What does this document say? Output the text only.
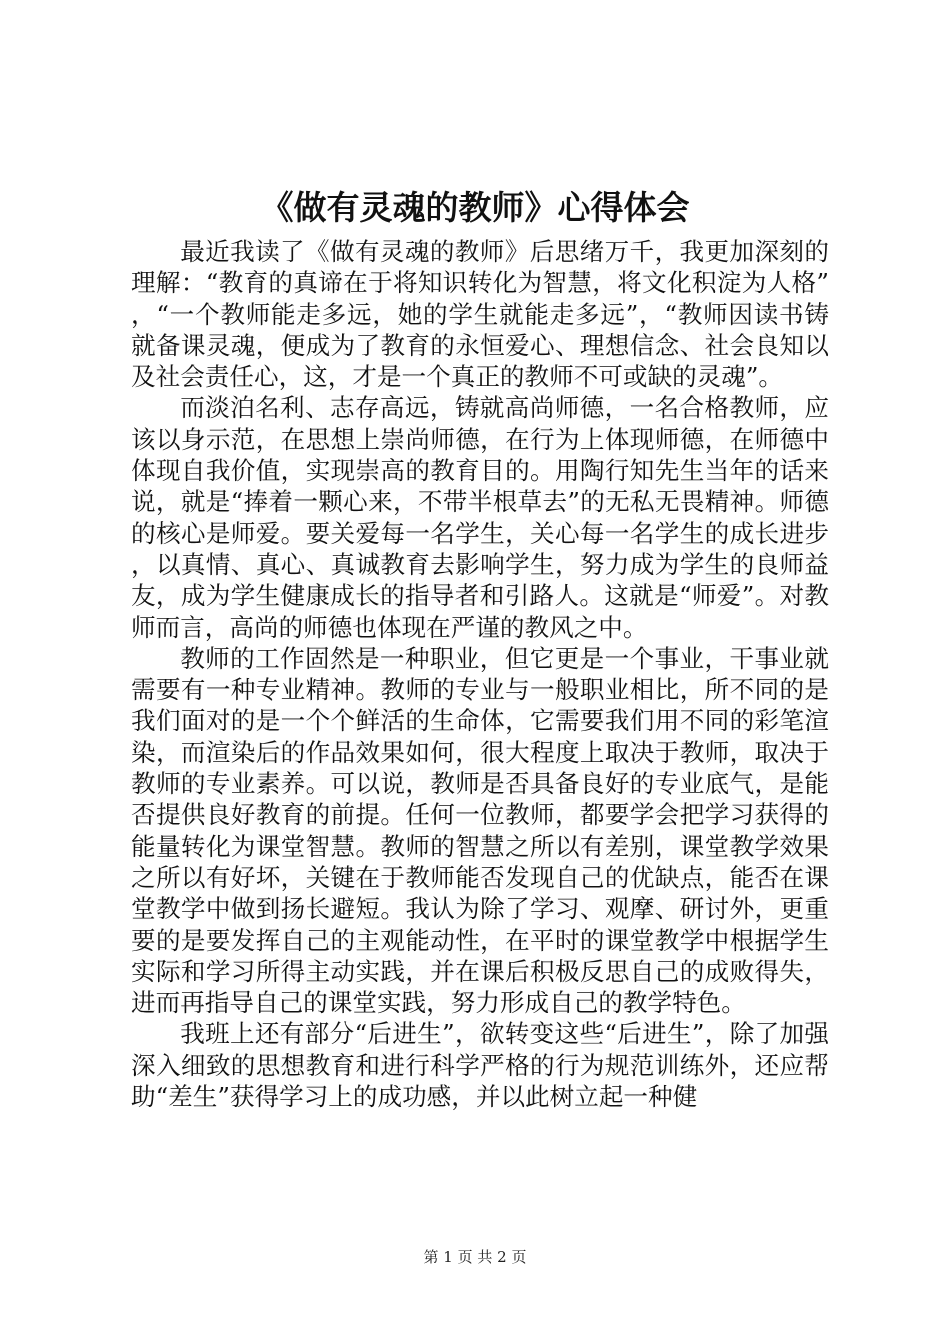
《做有灵魂的教师》心得体会

最近我读了《做有灵魂的教师》后思绪万千，我更加深刻的理解：“教育的真谛在于将知识转化为智慧，将文化积淀为人格”，“一个教师能走多远，她的学生就能走多远”，“教师因读书铸就备课灵魂，便成为了教育的永恒爱心、理想信念、社会良知以及社会责任心，这，才是一个真正的教师不可或缺的灵魂”。

而淡泊名利、志存高远，铸就高尚师德，一名合格教师，应该以身示范，在思想上崇尚师德，在行为上体现师德，在师德中体现自我价值，实现崇高的教育目的。用陶行知先生当年的话来说，就是“捧着一颗心来，不带半根草去”的无私无畏精神。师德的核心是师爱。要关爱每一名学生，关心每一名学生的成长进步，以真情、真心、真诚教育去影响学生，努力成为学生的良师益友，成为学生健康成长的指导者和引路人。这就是“师爱”。对教师而言，高尚的师德也体现在严谨的教风之中。

教师的工作固然是一种职业，但它更是一个事业，干事业就需要有一种专业精神。教师的专业与一般职业相比，所不同的是我们面对的是一个个鲜活的生命体，它需要我们用不同的彩笔渲染，而渲染后的作品效果如何，很大程度上取决于教师，取决于教师的专业素养。可以说，教师是否具备良好的专业底气，是能否提供良好教育的前提。任何一位教师，都要学会把学习获得的能量转化为课堂智慧。教师的智慧之所以有差别，课堂教学效果之所以有好坏，关键在于教师能否发现自己的优缺点，能否在课堂教学中做到扬长避短。我认为除了学习、观摩、研讨外，更重要的是要发挥自己的主观能动性，在平时的课堂教学中根据学生实际和学习所得主动实践，并在课后积极反思自己的成败得失，进而再指导自己的课堂实践，努力形成自己的教学特色。

我班上还有部分“后进生”，欲转变这些“后进生”，除了加强深入细致的思想教育和进行科学严格的行为规范训练外，还应帮助“差生”获得学习上的成功感，并以此树立起一种健

第 1 页 共 2 页
